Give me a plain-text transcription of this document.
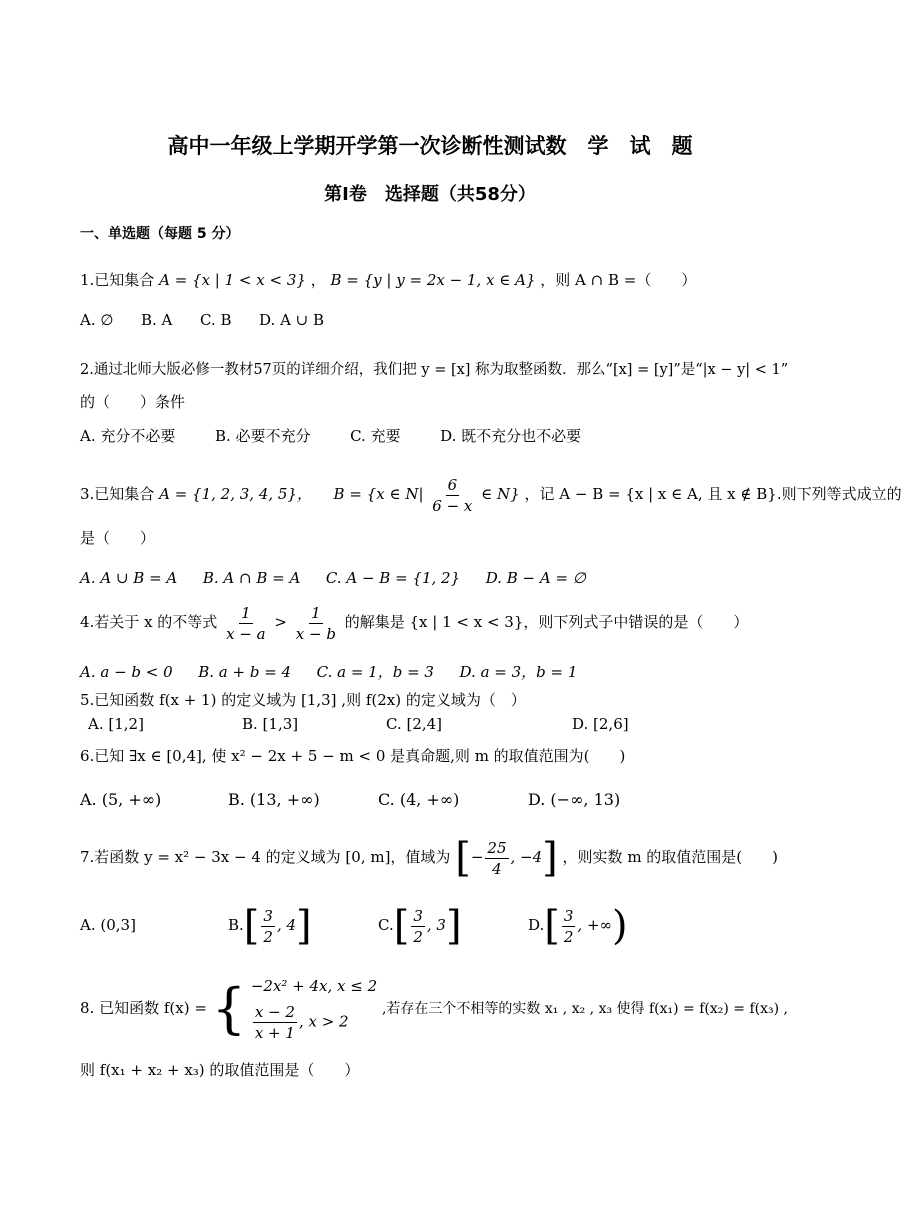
高中一年级上学期开学第一次诊断性测试数　学　试　题
第Ⅰ卷　选择题（共58分）
一、单选题（每题 5 分）
1.已知集合 A = {x | 1 < x < 3} ， B = {y | y = 2x − 1, x ∈ A} ，则 A ∩ B =（　　）
A. ∅ B. A C. B D. A ∪ B
2.通过北师大版必修一教材57页的详细介绍，我们把 y = [x] 称为取整函数．那么“[x] = [y]”是“|x − y| < 1”
的（　　）条件
A. 充分不必要	B. 必要不充分	C. 充要	D. 既不充分也不必要
3.已知集合 A = {1, 2, 3, 4, 5}， B = {x ∈ $N| \frac{6}{6 - x}$ ∈ N} ，记 A − B = {x | x ∈ A, 且 x ∉ B}.则下列等式成立的
是（　　）
A. A ∪ B = A B. A ∩ B = A C. A − B = {1, 2} D. B − A = ∅
4.若关于 x 的不等式 $\frac{1}{x - a} > \frac{1}{x - b}$ 的解集是 {x | 1 < x < 3}，则下列式子中错误的是（　　）
A. a − b < 0 B. a + b = 4 C. a = 1，b = 3 D. a = 3，b = 1
5.已知函数 f(x + 1) 的定义域为 [1,3] ,则 f(2x) 的定义域为（　）
A. [1,2]	B. [1,3]	C. [2,4]	D. [2,6]
6.已知 ∃x ∈ [0,4], 使 x² − 2x + 5 − m < 0 是真命题,则 m 的取值范围为(　　)
A. (5, +∞)	B. (13, +∞)	C. (4, +∞)	D. (−∞, 13)
7.若函数 y = x² − 3x − 4 的定义域为 [0, m]，值域为 [− $\frac{25}{4}$ , −4] ，则实数 m 的取值范围是(　　)
A. (0,3]	$B.[ \frac{3}{2}$ , 4]	$C.[ \frac{3}{2}$ , 3]	$D.[ \frac{3}{2}$ , +∞)
8. 已知函数 f(x) = { −2x² + 4x, x ≤ 2
$\frac{x - 2}{x + 1}$ , x > 2
,若存在三个不相等的实数 x₁ , x₂ , x₃ 使得 f(x₁) = f(x₂) = f(x₃) ,
则 f(x₁ + x₂ + x₃) 的取值范围是（　　）
